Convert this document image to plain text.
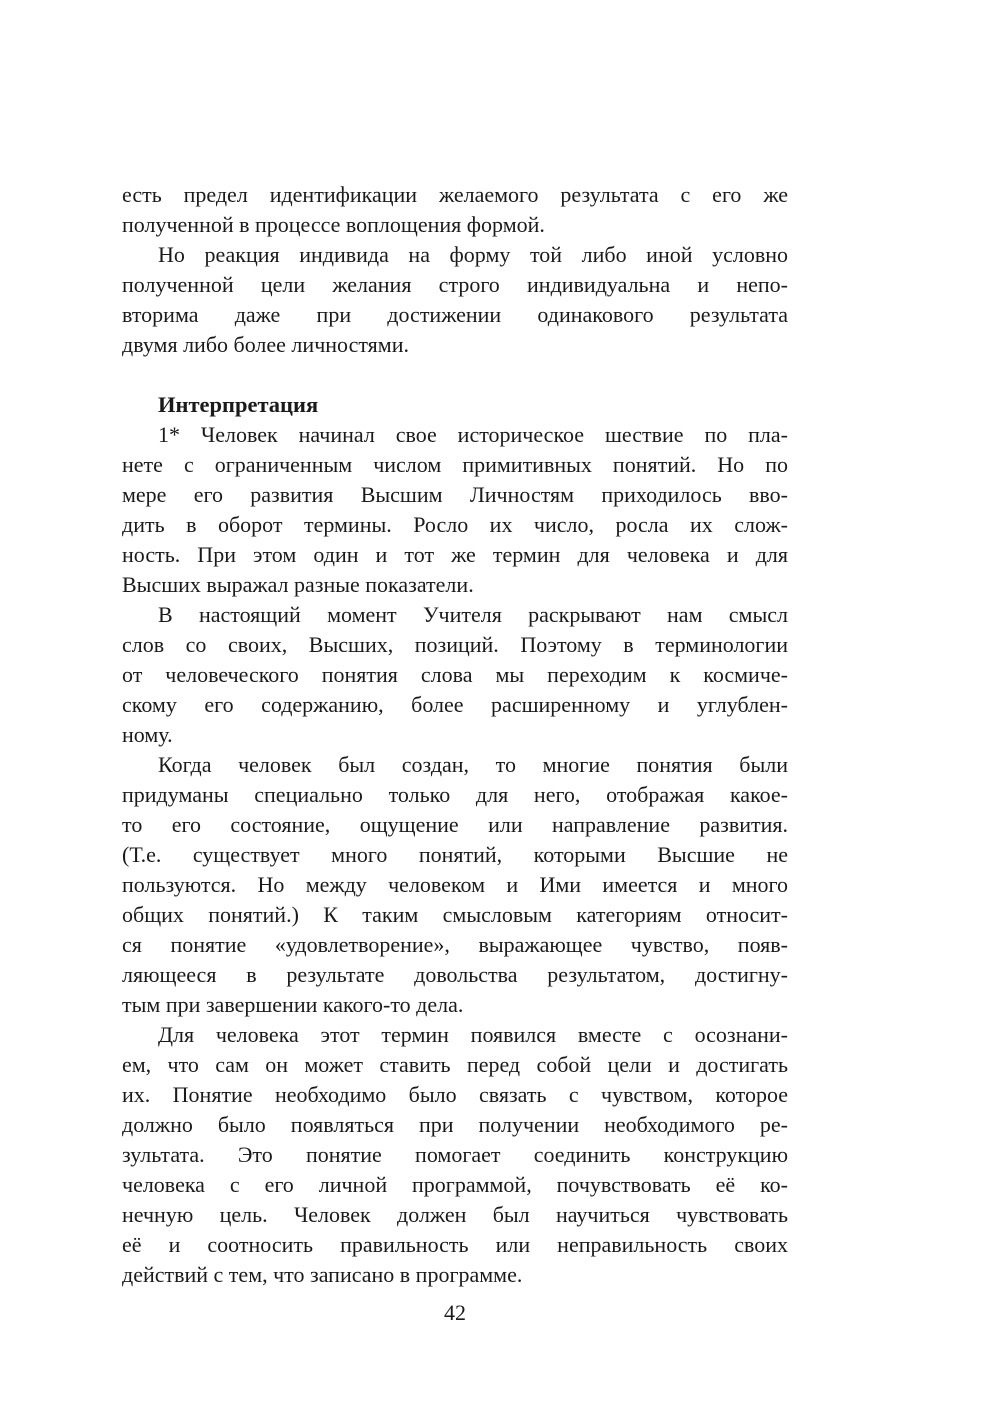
есть предел идентификации желаемого результата с его же
полученной в процессе воплощения формой.
Но реакция индивида на форму той либо иной условно
полученной цели желания строго индивидуальна и непо-
вторима даже при достижении одинакового результата
двумя либо более личностями.
Интерпретация
1* Человек начинал свое историческое шествие по пла-
нете с ограниченным числом примитивных понятий. Но по
мере его развития Высшим Личностям приходилось вво-
дить в оборот термины. Росло их число, росла их слож-
ность. При этом один и тот же термин для человека и для
Высших выражал разные показатели.
В настоящий момент Учителя раскрывают нам смысл
слов со своих, Высших, позиций. Поэтому в терминологии
от человеческого понятия слова мы переходим к космиче-
скому его содержанию, более расширенному и углублен-
ному.
Когда человек был создан, то многие понятия были
придуманы специально только для него, отображая какое-
то его состояние, ощущение или направление развития.
(Т.е. существует много понятий, которыми Высшие не
пользуются. Но между человеком и Ими имеется и много
общих понятий.) К таким смысловым категориям относит-
ся понятие «удовлетворение», выражающее чувство, появ-
ляющееся в результате довольства результатом, достигну-
тым при завершении какого-то дела.
Для человека этот термин появился вместе с осознани-
ем, что сам он может ставить перед собой цели и достигать
их. Понятие необходимо было связать с чувством, которое
должно было появляться при получении необходимого ре-
зультата. Это понятие помогает соединить конструкцию
человека с его личной программой, почувствовать её ко-
нечную цель. Человек должен был научиться чувствовать
её и соотносить правильность или неправильность своих
действий с тем, что записано в программе.
42
